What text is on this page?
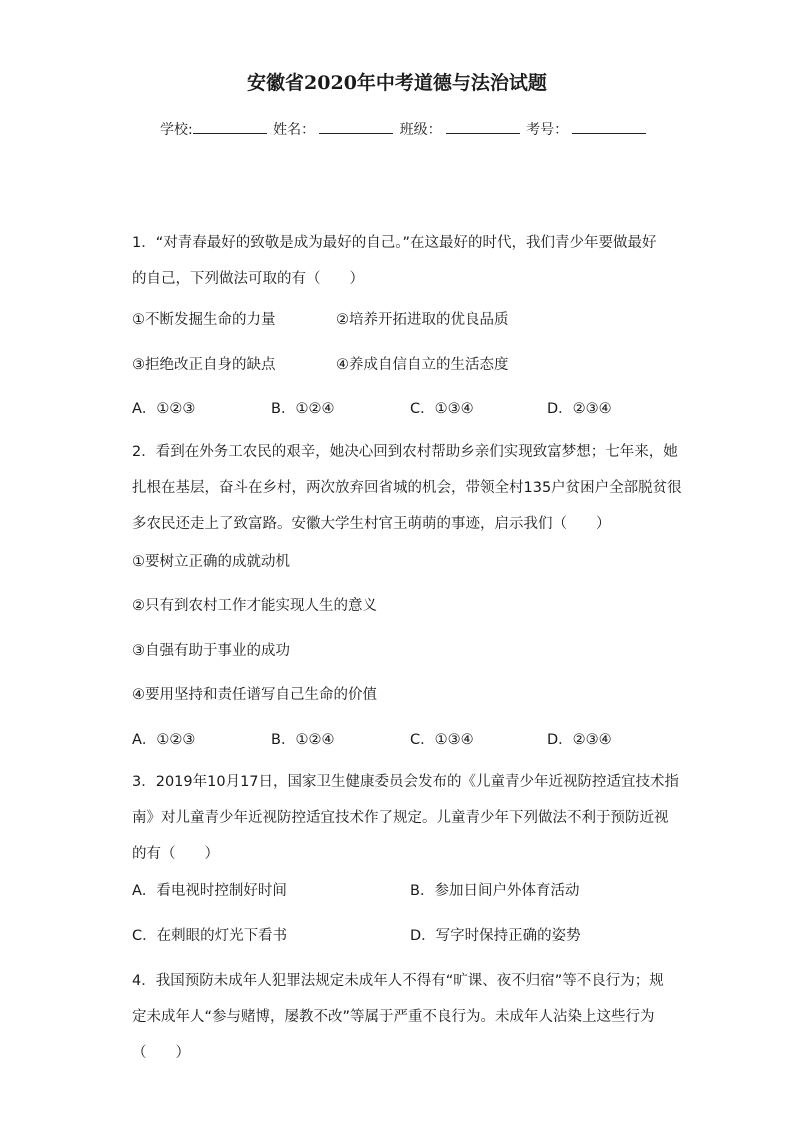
安徽省2020年中考道德与法治试题
学校:	姓名：	班级：	考号：
1．“对青春最好的致敬是成为最好的自己。”在这最好的时代，我们青少年要做最好
的自己，下列做法可取的有（　　）
①不断发掘生命的力量	②培养开拓进取的优良品质
③拒绝改正自身的缺点	④养成自信自立的生活态度
A．①②③	B．①②④	C．①③④	D．②③④
2．看到在外务工农民的艰辛，她决心回到农村帮助乡亲们实现致富梦想；七年来，她
扎根在基层，奋斗在乡村，两次放弃回省城的机会，带领全村135户贫困户全部脱贫很
多农民还走上了致富路。安徽大学生村官王萌萌的事迹，启示我们（　　）
①要树立正确的成就动机
②只有到农村工作才能实现人生的意义
③自强有助于事业的成功
④要用坚持和责任谱写自己生命的价值
A．①②③	B．①②④	C．①③④	D．②③④
3．2019年10月17日，国家卫生健康委员会发布的《儿童青少年近视防控适宜技术指
南》对儿童青少年近视防控适宜技术作了规定。儿童青少年下列做法不利于预防近视
的有（　　）
A．看电视时控制好时间	B．参加日间户外体育活动
C．在刺眼的灯光下看书	D．写字时保持正确的姿势
4．我国预防未成年人犯罪法规定未成年人不得有“旷课、夜不归宿”等不良行为；规
定未成年人“参与赌博，屡教不改”等属于严重不良行为。未成年人沾染上这些行为
（　　）
